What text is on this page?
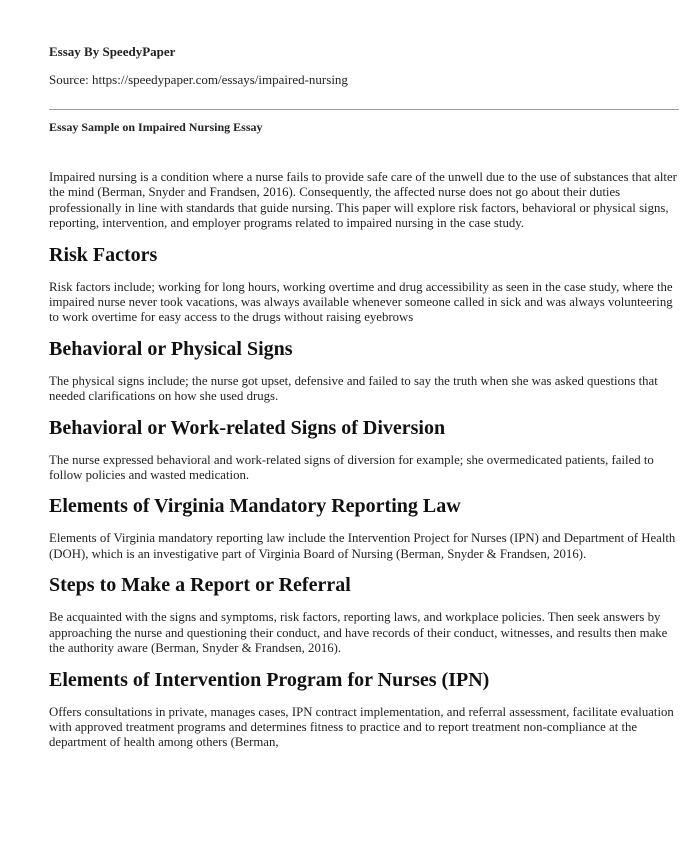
Essay By SpeedyPaper
Source: https://speedypaper.com/essays/impaired-nursing
Essay Sample on Impaired Nursing Essay

Impaired nursing is a condition where a nurse fails to provide safe care of the unwell due to the use of substances that alter the mind (Berman, Snyder and Frandsen, 2016). Consequently, the affected nurse does not go about their duties professionally in line with standards that guide nursing. This paper will explore risk factors, behavioral or physical signs, reporting, intervention, and employer programs related to impaired nursing in the case study.

Risk Factors

Risk factors include; working for long hours, working overtime and drug accessibility as seen in the case study, where the impaired nurse never took vacations, was always available whenever someone called in sick and was always volunteering to work overtime for easy access to the drugs without raising eyebrows

Behavioral or Physical Signs

The physical signs include; the nurse got upset, defensive and failed to say the truth when she was asked questions that needed clarifications on how she used drugs.

Behavioral or Work-related Signs of Diversion

The nurse expressed behavioral and work-related signs of diversion for example; she overmedicated patients, failed to follow policies and wasted medication.

Elements of Virginia Mandatory Reporting Law

Elements of Virginia mandatory reporting law include the Intervention Project for Nurses (IPN) and Department of Health (DOH), which is an investigative part of Virginia Board of Nursing (Berman, Snyder & Frandsen, 2016).

Steps to Make a Report or Referral

Be acquainted with the signs and symptoms, risk factors, reporting laws, and workplace policies. Then seek answers by approaching the nurse and questioning their conduct, and have records of their conduct, witnesses, and results then make the authority aware (Berman, Snyder & Frandsen, 2016).

Elements of Intervention Program for Nurses (IPN)

Offers consultations in private, manages cases, IPN contract implementation, and referral assessment, facilitate evaluation with approved treatment programs and determines fitness to practice and to report treatment non-compliance at the department of health among others (Berman,
